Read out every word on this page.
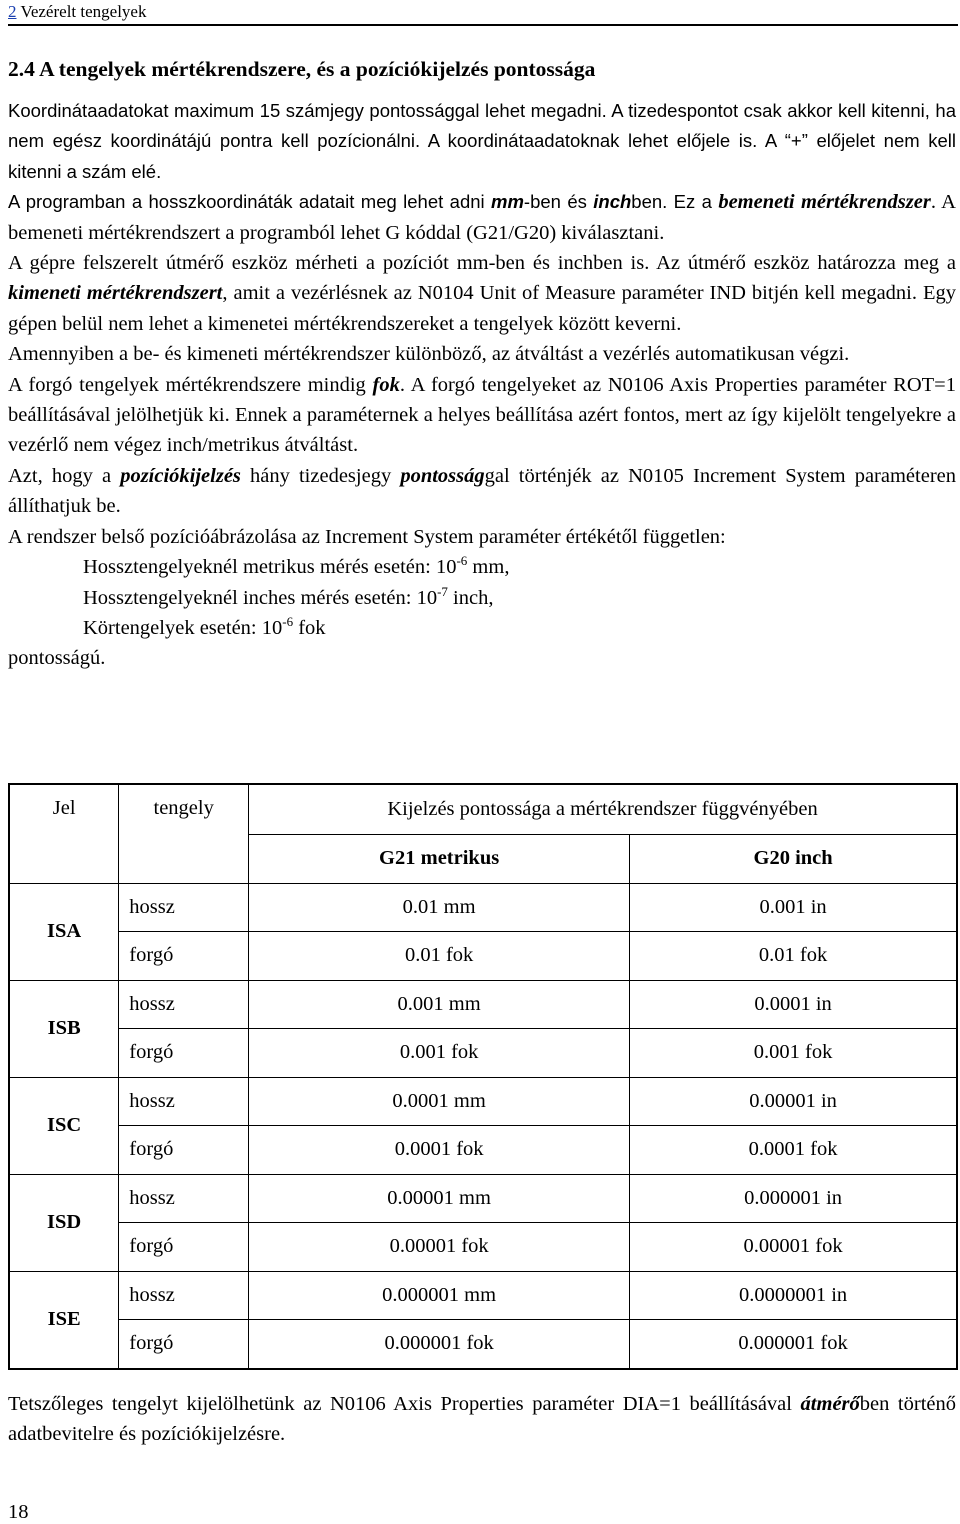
2 Vezérelt tengelyek
2.4 A tengelyek mértékrendszere, és a pozíciókijelzés pontossága

Koordinátaadatokat maximum 15 számjegy pontossággal lehet megadni. A tizedespontot csak akkor kell kitenni, ha nem egész koordinátájú pontra kell pozícionálni. A koordinátaadatoknak lehet előjele is. A “+” előjelet nem kell kitenni a szám elé.

A programban a hosszkoordináták adatait meg lehet adni mm-ben és inchben. Ez a bemeneti mértékrendszer. A bemeneti mértékrendszert a programból lehet G kóddal (G21/G20) kiválasztani.

A gépre felszerelt útmérő eszköz mérheti a pozíciót mm-ben és inchben is. Az útmérő eszköz határozza meg a kimeneti mértékrendszert, amit a vezérlésnek az N0104 Unit of Measure paraméter IND bitjén kell megadni. Egy gépen belül nem lehet a kimenetei mértékrendszereket a tengelyek között keverni.

Amennyiben a be- és kimeneti mértékrendszer különböző, az átváltást a vezérlés automatikusan végzi.

A forgó tengelyek mértékrendszere mindig fok. A forgó tengelyeket az N0106 Axis Properties paraméter ROT=1 beállításával jelölhetjük ki. Ennek a paraméternek a helyes beállítása azért fontos, mert az így kijelölt tengelyekre a vezérlő nem végez inch/metrikus átváltást.

Azt, hogy a pozíciókijelzés hány tizedesjegy pontossággal történjék az N0105 Increment System paraméteren állíthatjuk be.

A rendszer belső pozícióábrázolása az Increment System paraméter értékétől független:

Hossztengelyeknél metrikus mérés esetén: $10^{-6}$ mm,
Hossztengelyeknél inches mérés esetén: $10^{-7}$ inch,
Körtengelyek esetén: $10^{-6}$ fok

pontosságú.

Jel	tengely	Kijelzés pontossága a mértékrendszer függvényében	
		G21 metrikus	G20 inch
ISA	hossz	0.01 mm	0.001 in
	forgó	0.01 fok	0.01 fok
ISB	hossz	0.001 mm	0.0001 in
	forgó	0.001 fok	0.001 fok
ISC	hossz	0.0001 mm	0.00001 in
	forgó	0.0001 fok	0.0001 fok
ISD	hossz	0.00001 mm	0.000001 in
	forgó	0.00001 fok	0.00001 fok
ISE	hossz	0.000001 mm	0.0000001 in
	forgó	0.000001 fok	0.000001 fok
Tetszőleges tengelyt kijelölhetünk az N0106 Axis Properties paraméter DIA=1 beállításával átmérőben történő adatbevitelre és pozíciókijelzésre.
18
